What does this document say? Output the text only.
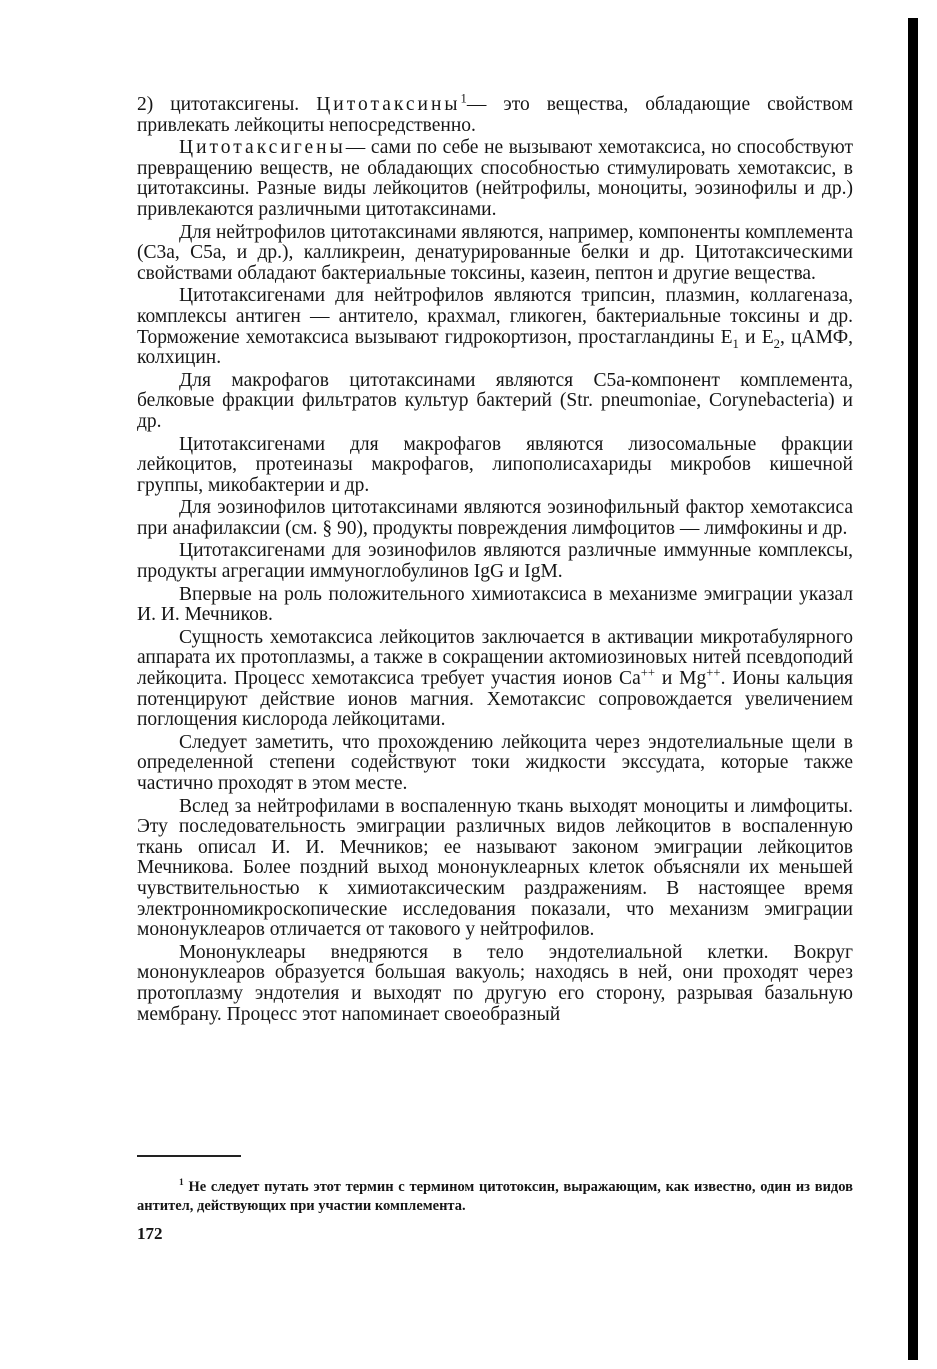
2) цитотаксигены. Цитотаксины$^1$— это вещества, обладающие свойством привлекать лейкоциты непосредственно.

Цитотаксигены— сами по себе не вызывают хемотаксиса, но способствуют превращению веществ, не обладающих способностью стимулировать хемотаксис, в цитотаксины. Разные виды лейкоцитов (нейтрофилы, моноциты, эозинофилы и др.) привлекаются различными цитотаксинами.

Для нейтрофилов цитотаксинами являются, например, компоненты комплемента (С3а, С5а, и др.), калликреин, денатурированные белки и др. Цитотаксическими свойствами обладают бактериальные токсины, казеин, пептон и другие вещества.

Цитотаксигенами для нейтрофилов являются трипсин, плазмин, коллагеназа, комплексы антиген — антитело, крахмал, гликоген, бактериальные токсины и др. Торможение хемотаксиса вызывают гидрокортизон, простагландины $E_1$ и $E_2$, цАМФ, колхицин.

Для макрофагов цитотаксинами являются С5а-компонент комплемента, белковые фракции фильтратов культур бактерий (Str. pneumoniae, Corynebacteria) и др.

Цитотаксигенами для макрофагов являются лизосомальные фракции лейкоцитов, протеиназы макрофагов, липополисахариды микробов кишечной группы, микобактерии и др.

Для эозинофилов цитотаксинами являются эозинофильный фактор хемотаксиса при анафилаксии (см. § 90), продукты повреждения лимфоцитов — лимфокины и др.

Цитотаксигенами для эозинофилов являются различные иммунные комплексы, продукты агрегации иммуноглобулинов IgG и IgM.

Впервые на роль положительного химиотаксиса в механизме эмиграции указал И. И. Мечников.

Сущность хемотаксиса лейкоцитов заключается в активации микротабулярного аппарата их протоплазмы, а также в сокращении актомиозиновых нитей псевдоподий лейкоцита. Процесс хемотаксиса требует участия ионов Ca++ и Mg++. Ионы кальция потенцируют действие ионов магния. Хемотаксис сопровождается увеличением поглощения кислорода лейкоцитами.

Следует заметить, что прохождению лейкоцита через эндотелиальные щели в определенной степени содействуют токи жидкости экссудата, которые также частично проходят в этом месте.

Вслед за нейтрофилами в воспаленную ткань выходят моноциты и лимфоциты. Эту последовательность эмиграции различных видов лейкоцитов в воспаленную ткань описал И. И. Мечников; ее называют законом эмиграции лейкоцитов Мечникова. Более поздний выход мононуклеарных клеток объясняли их меньшей чувствительностью к химиотаксическим раздражениям. В настоящее время электронномикроскопические исследования показали, что механизм эмиграции мононуклеаров отличается от такового у нейтрофилов.

Мононуклеары внедряются в тело эндотелиальной клетки. Вокруг мононуклеаров образуется большая вакуоль; находясь в ней, они проходят через протоплазму эндотелия и выходят по другую его сторону, разрывая базальную мембрану. Процесс этот напоминает своеобразный

$^1$ Не следует путать этот термин с термином цитотоксин, выражающим, как известно, один из видов антител, действующих при участии комплемента.

172
